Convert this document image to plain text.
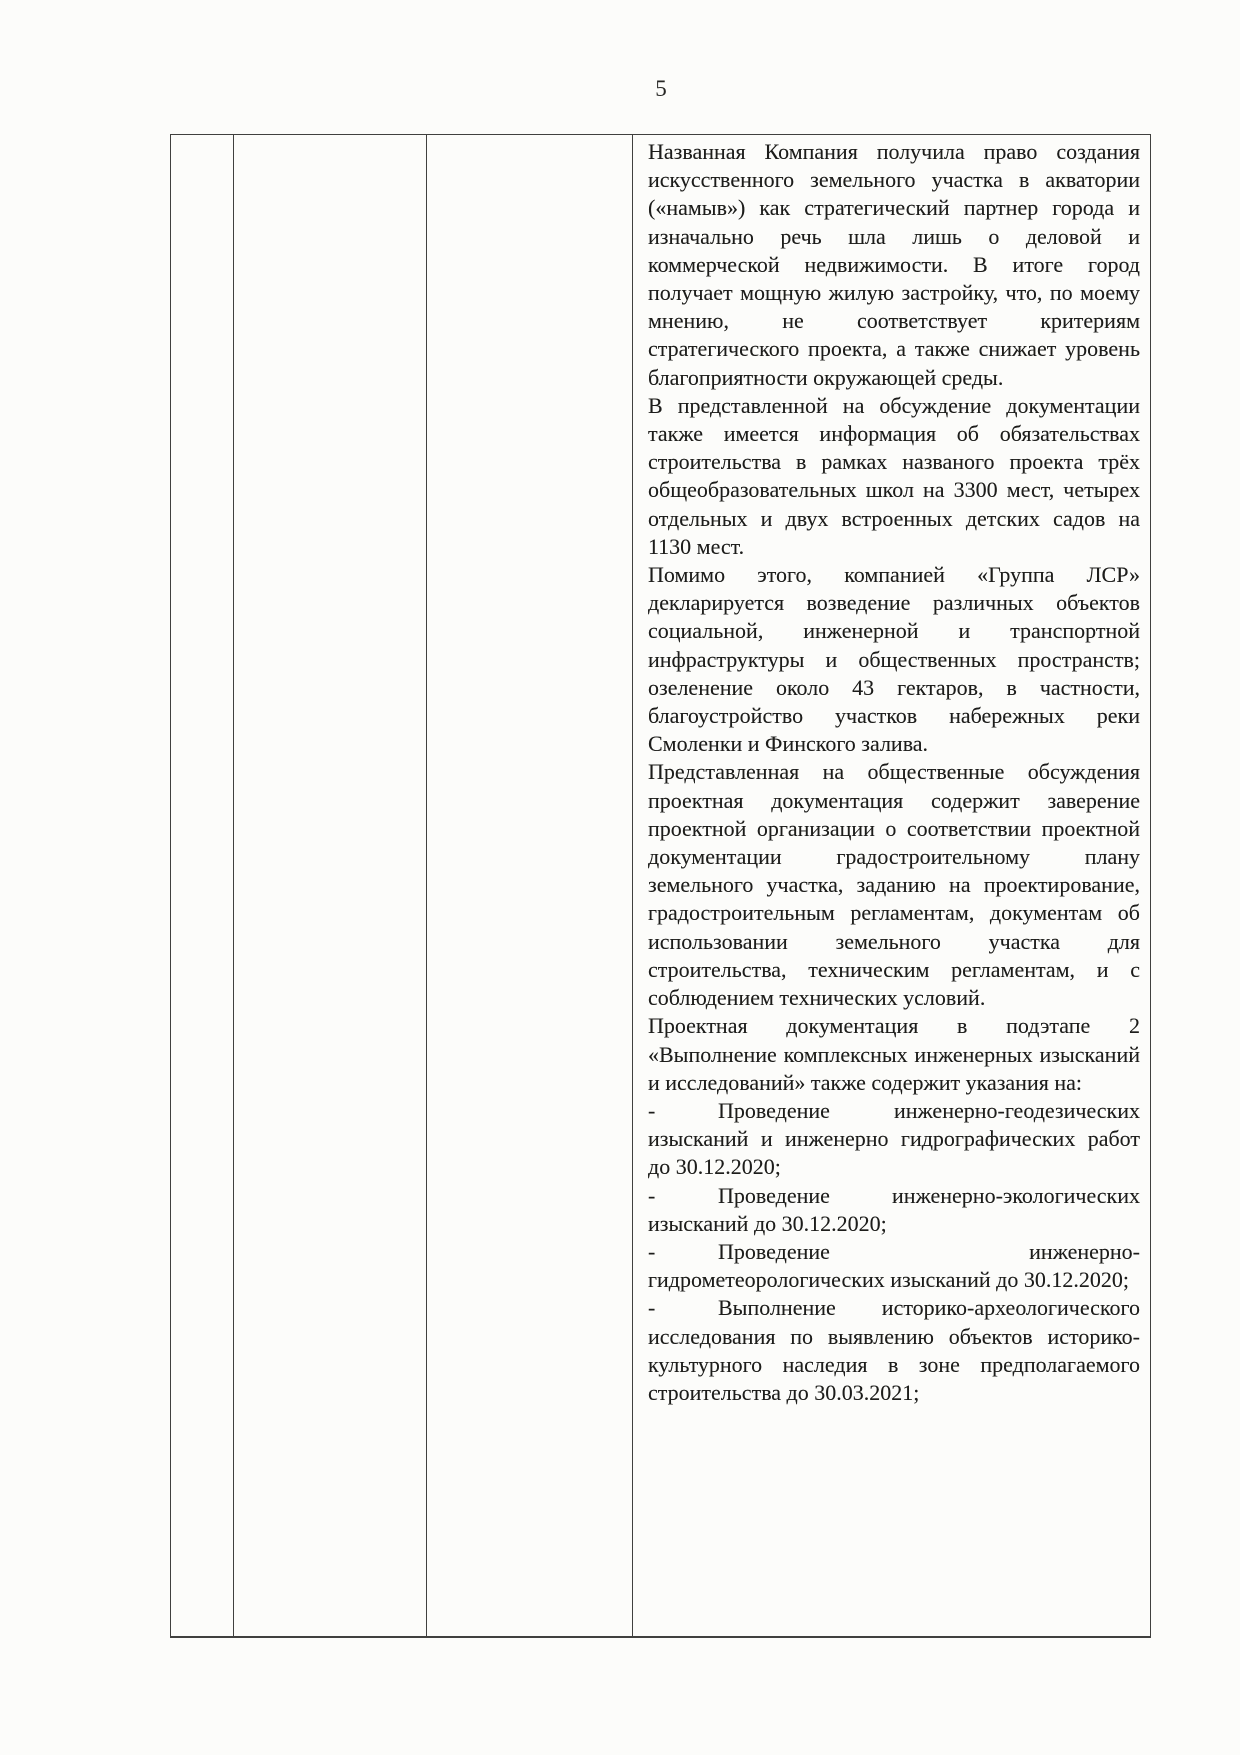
5

Названная Компания получила право создания искусственного земельного участка в акватории («намыв») как стратегический партнер города и изначально речь шла лишь о деловой и коммерческой недвижимости. В итоге город получает мощную жилую застройку, что, по моему мнению, не соответствует критериям стратегического проекта, а также снижает уровень благоприятности окружающей среды.

В представленной на обсуждение документации также имеется информация об обязательствах строительства в рамках названого проекта трёх общеобразовательных школ на 3300 мест, четырех отдельных и двух встроенных детских садов на 1130 мест.

Помимо этого, компанией «Группа ЛСР» декларируется возведение различных объектов социальной, инженерной и транспортной инфраструктуры и общественных пространств; озеленение около 43 гектаров, в частности, благоустройство участков набережных реки Смоленки и Финского залива.

Представленная на общественные обсуждения проектная документация содержит заверение проектной организации о соответствии проектной документации градостроительному плану земельного участка, заданию на проектирование, градостроительным регламентам, документам об использовании земельного участка для строительства, техническим регламентам, и с соблюдением технических условий.

Проектная документация в подэтапе 2 «Выполнение комплексных инженерных изысканий и исследований» также содержит указания на:

-	Проведение инженерно-геодезических изысканий и инженерно гидрографических работ до 30.12.2020;

-	Проведение инженерно-экологических изысканий до 30.12.2020;

-	Проведение инженерно-гидрометеорологических изысканий до 30.12.2020;

-	Выполнение историко-археологического исследования по выявлению объектов историко-культурного наследия в зоне предполагаемого строительства до 30.03.2021;
